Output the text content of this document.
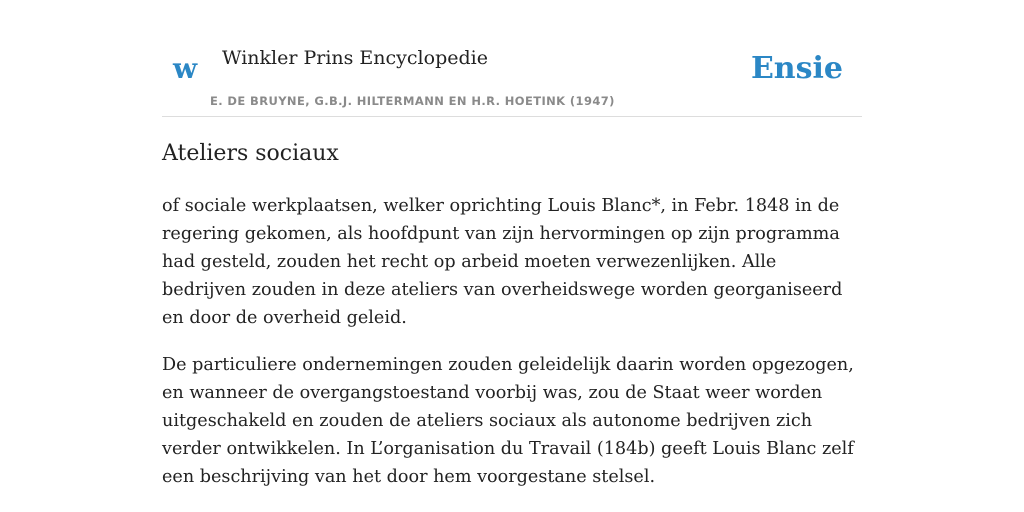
w Winkler Prins Encyclopedie
E. DE BRUYNE, G.B.J. HILTERMANN EN H.R. HOETINK (1947)
Ensie
Ateliers sociaux

of sociale werkplaatsen, welker oprichting Louis Blanc*, in Febr. 1848 in de regering gekomen, als hoofdpunt van zijn hervormingen op zijn programma had gesteld, zouden het recht op arbeid moeten verwezenlijken. Alle bedrijven zouden in deze ateliers van overheidswege worden georganiseerd en door de overheid geleid.

De particuliere ondernemingen zouden geleidelijk daarin worden opgezogen, en wanneer de overgangstoestand voorbij was, zou de Staat weer worden uitgeschakeld en zouden de ateliers sociaux als autonome bedrijven zich verder ontwikkelen. In L’organisation du Travail (184b) geeft Louis Blanc zelf een beschrijving van het door hem voorgestane stelsel.
